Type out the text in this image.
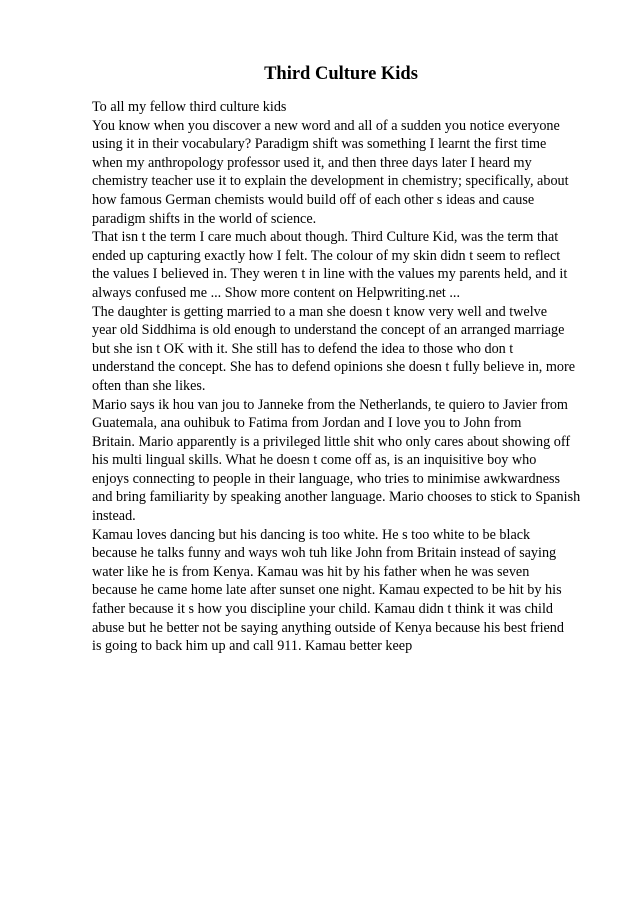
Third Culture Kids
To all my fellow third culture kids
You know when you discover a new word and all of a sudden you notice everyone
using it in their vocabulary? Paradigm shift was something I learnt the first time
when my anthropology professor used it, and then three days later I heard my
chemistry teacher use it to explain the development in chemistry; specifically, about
how famous German chemists would build off of each other s ideas and cause
paradigm shifts in the world of science.
That isn t the term I care much about though. Third Culture Kid, was the term that
ended up capturing exactly how I felt. The colour of my skin didn t seem to reflect
the values I believed in. They weren t in line with the values my parents held, and it
always confused me ... Show more content on Helpwriting.net ...
The daughter is getting married to a man she doesn t know very well and twelve
year old Siddhima is old enough to understand the concept of an arranged marriage
but she isn t OK with it. She still has to defend the idea to those who don t
understand the concept. She has to defend opinions she doesn t fully believe in, more
often than she likes.
Mario says ik hou van jou to Janneke from the Netherlands, te quiero to Javier from
Guatemala, ana ouhibuk to Fatima from Jordan and I love you to John from
Britain. Mario apparently is a privileged little shit who only cares about showing off
his multi lingual skills. What he doesn t come off as, is an inquisitive boy who
enjoys connecting to people in their language, who tries to minimise awkwardness
and bring familiarity by speaking another language. Mario chooses to stick to Spanish
instead.
Kamau loves dancing but his dancing is too white. He s too white to be black
because he talks funny and ways woh tuh like John from Britain instead of saying
water like he is from Kenya. Kamau was hit by his father when he was seven
because he came home late after sunset one night. Kamau expected to be hit by his
father because it s how you discipline your child. Kamau didn t think it was child
abuse but he better not be saying anything outside of Kenya because his best friend
is going to back him up and call 911. Kamau better keep
